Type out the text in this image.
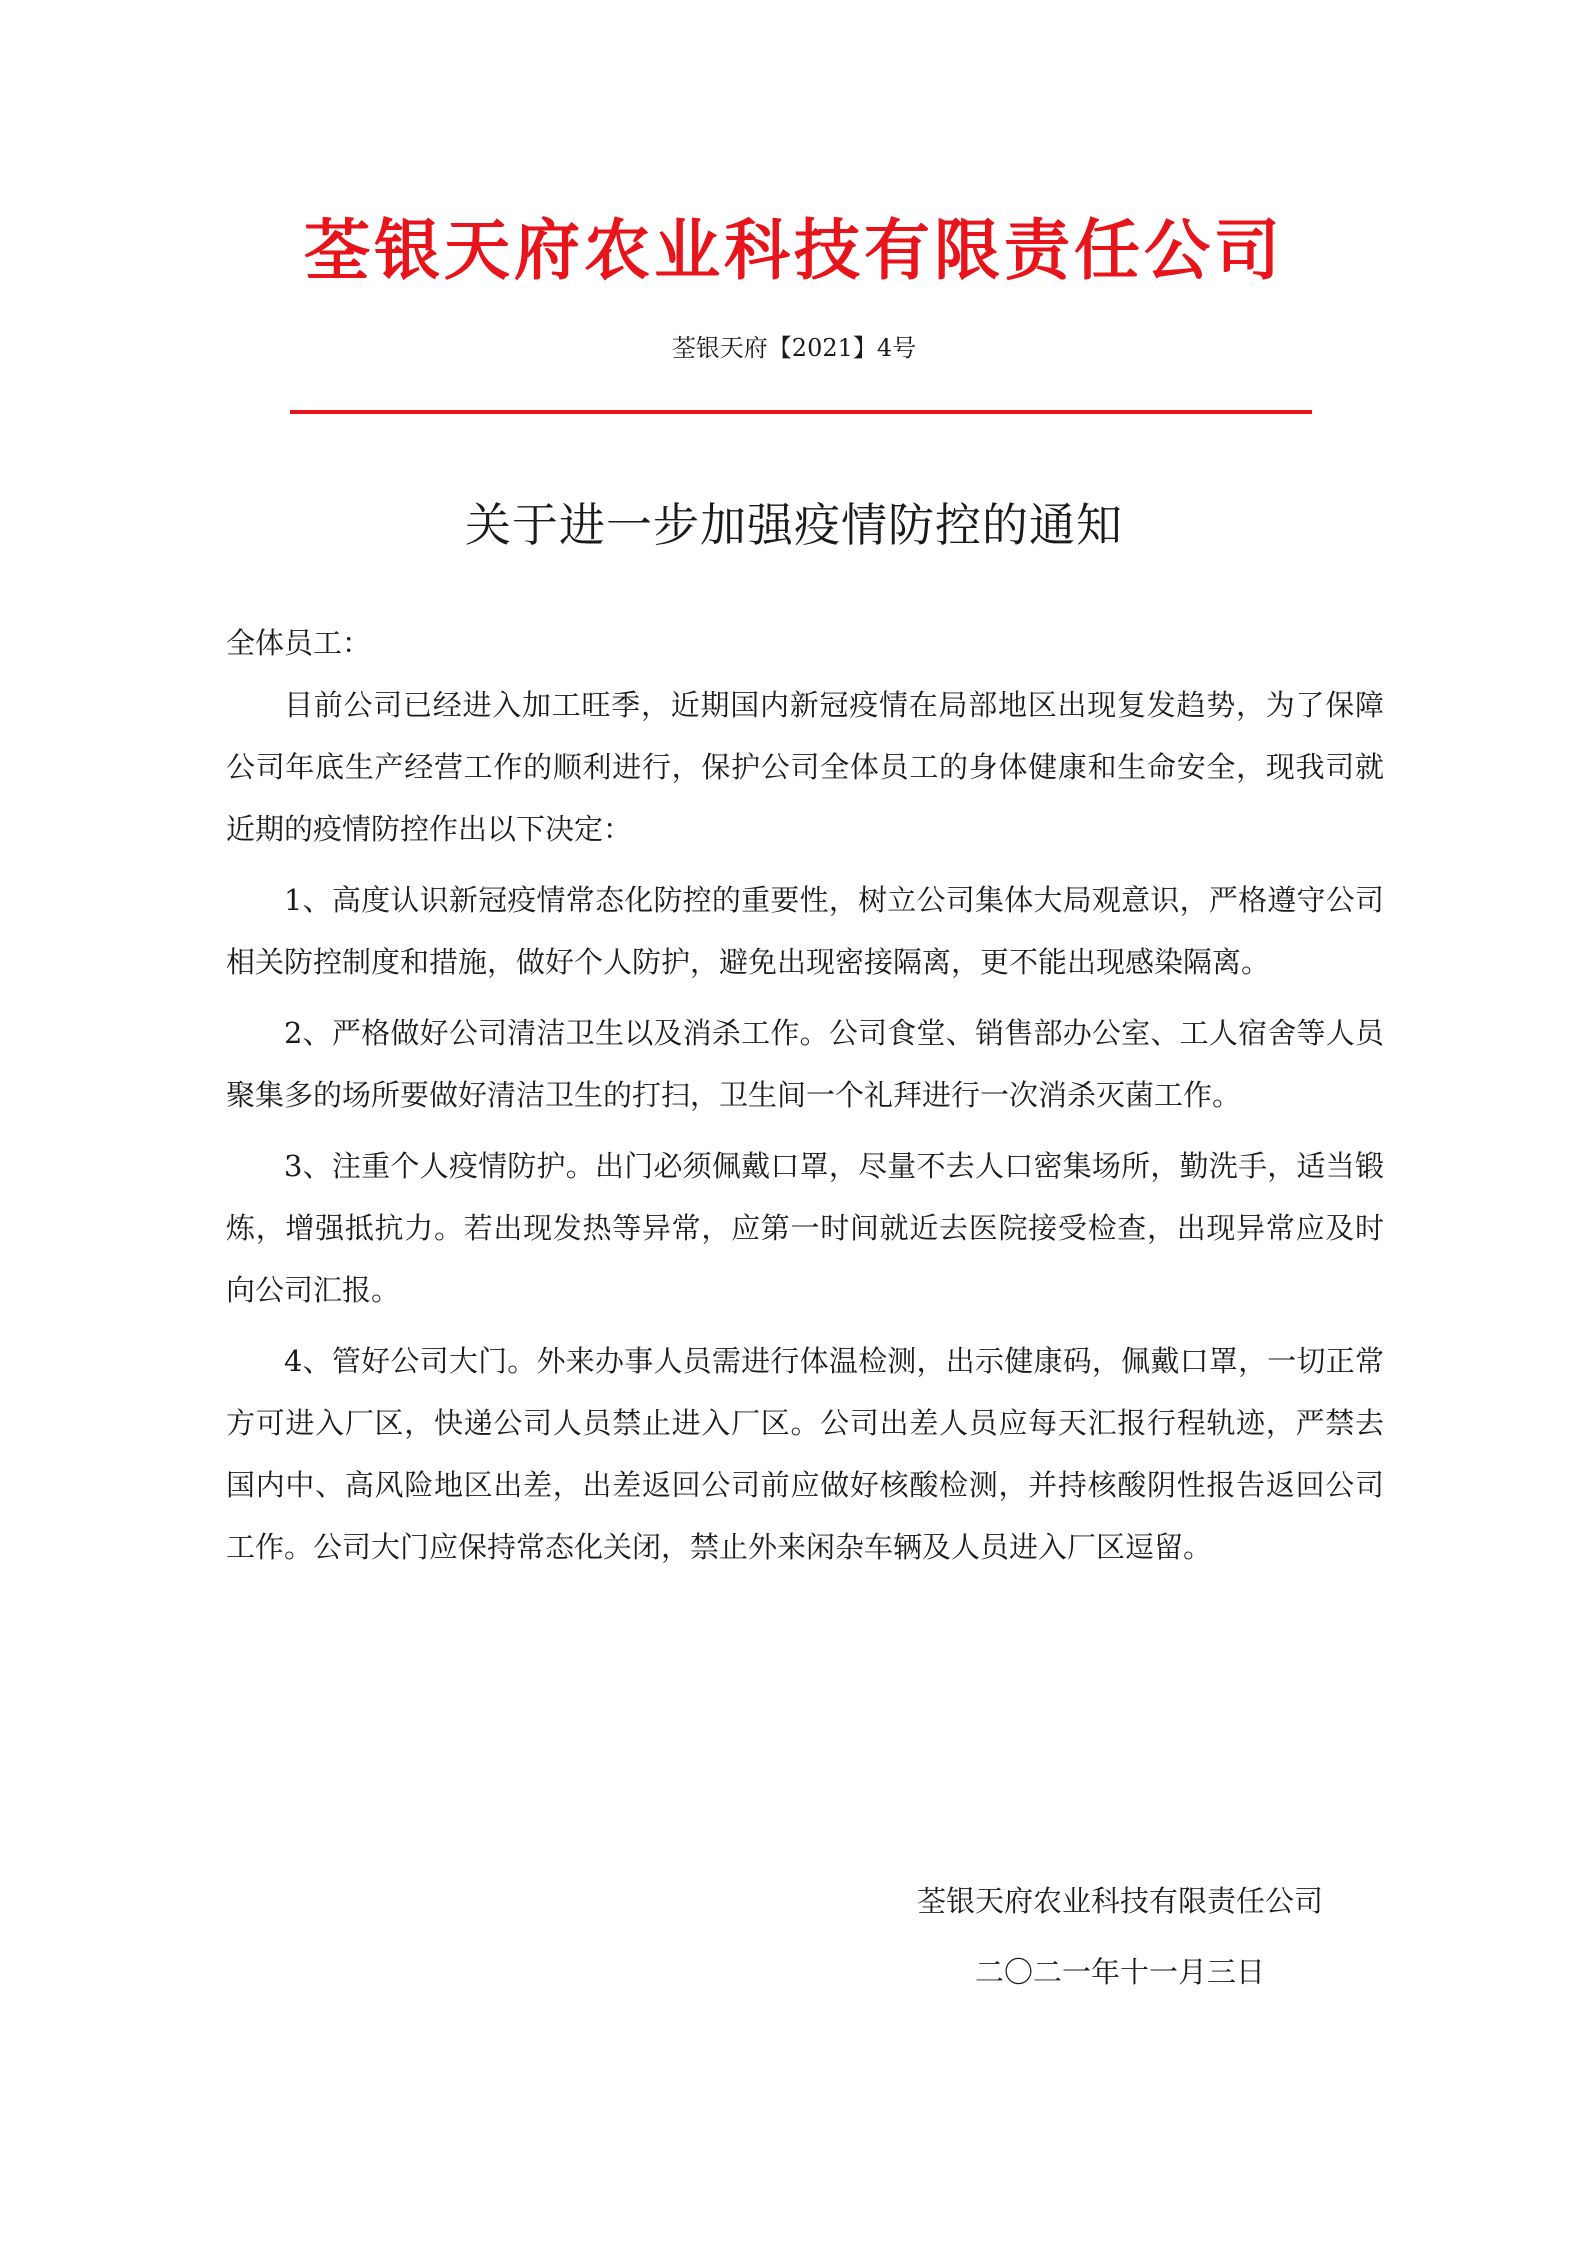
荃银天府农业科技有限责任公司
荃银天府【2021】4号
关于进一步加强疫情防控的通知

全体员工：

目前公司已经进入加工旺季，近期国内新冠疫情在局部地区出现复发趋势，为了保障公司年底生产经营工作的顺利进行，保护公司全体员工的身体健康和生命安全，现我司就近期的疫情防控作出以下决定：

1、高度认识新冠疫情常态化防控的重要性，树立公司集体大局观意识，严格遵守公司相关防控制度和措施，做好个人防护，避免出现密接隔离，更不能出现感染隔离。

2、严格做好公司清洁卫生以及消杀工作。公司食堂、销售部办公室、工人宿舍等人员聚集多的场所要做好清洁卫生的打扫，卫生间一个礼拜进行一次消杀灭菌工作。

3、注重个人疫情防护。出门必须佩戴口罩，尽量不去人口密集场所，勤洗手，适当锻炼，增强抵抗力。若出现发热等异常，应第一时间就近去医院接受检查，出现异常应及时向公司汇报。

4、管好公司大门。外来办事人员需进行体温检测，出示健康码，佩戴口罩，一切正常方可进入厂区，快递公司人员禁止进入厂区。公司出差人员应每天汇报行程轨迹，严禁去国内中、高风险地区出差，出差返回公司前应做好核酸检测，并持核酸阴性报告返回公司工作。公司大门应保持常态化关闭，禁止外来闲杂车辆及人员进入厂区逗留。

荃银天府农业科技有限责任公司

二〇二一年十一月三日
